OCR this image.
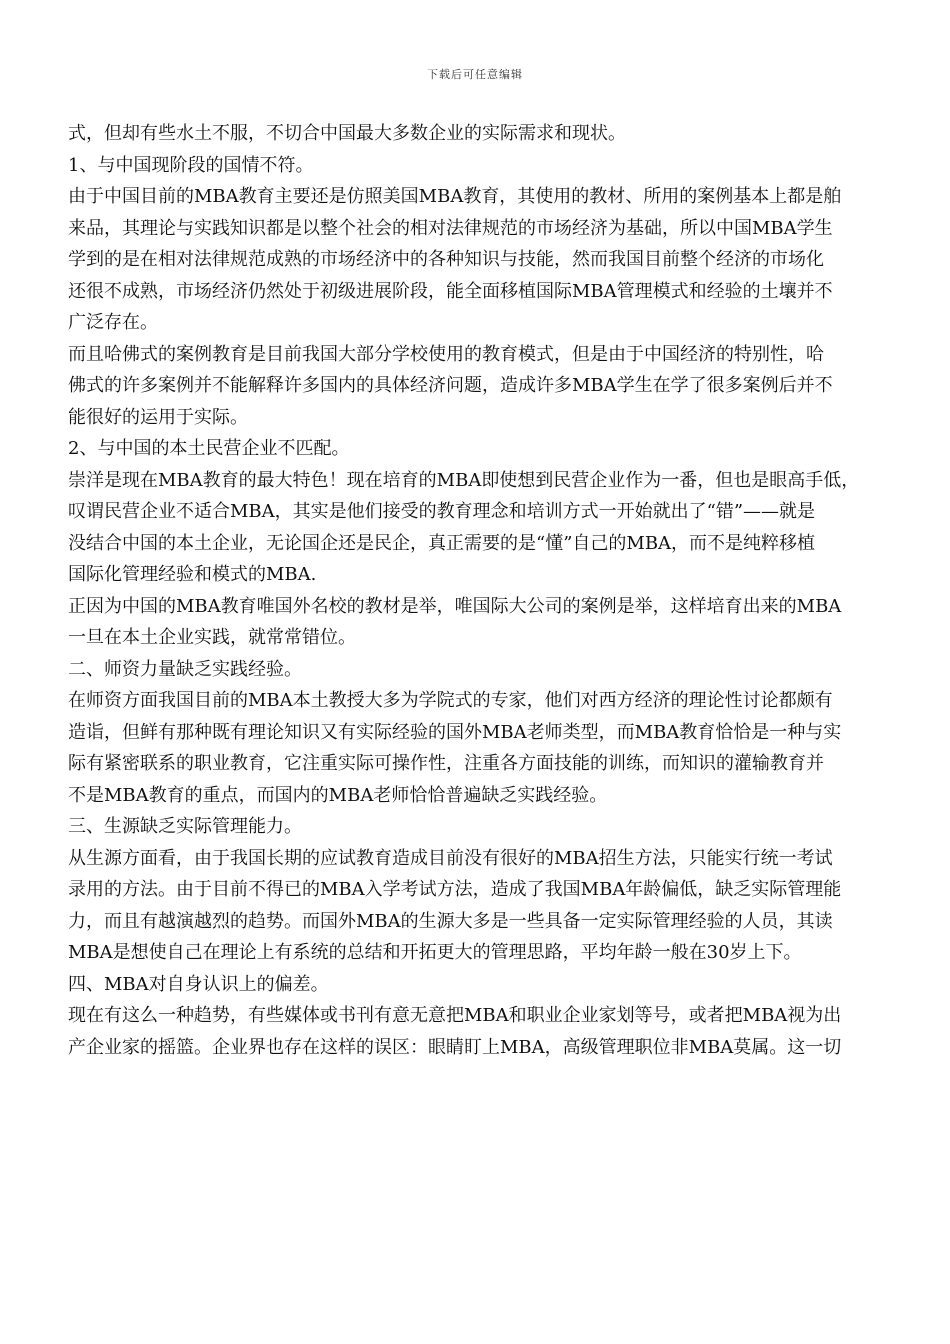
下载后可任意编辑
式，但却有些水土不服，不切合中国最大多数企业的实际需求和现状。
1、与中国现阶段的国情不符。
由于中国目前的MBA教育主要还是仿照美国MBA教育，其使用的教材、所用的案例基本上都是舶
来品，其理论与实践知识都是以整个社会的相对法律规范的市场经济为基础，所以中国MBA学生
学到的是在相对法律规范成熟的市场经济中的各种知识与技能，然而我国目前整个经济的市场化
还很不成熟，市场经济仍然处于初级进展阶段，能全面移植国际MBA管理模式和经验的土壤并不
广泛存在。
而且哈佛式的案例教育是目前我国大部分学校使用的教育模式，但是由于中国经济的特别性，哈
佛式的许多案例并不能解释许多国内的具体经济问题，造成许多MBA学生在学了很多案例后并不
能很好的运用于实际。
2、与中国的本土民营企业不匹配。
崇洋是现在MBA教育的最大特色！现在培育的MBA即使想到民营企业作为一番，但也是眼高手低，
叹谓民营企业不适合MBA，其实是他们接受的教育理念和培训方式一开始就出了“错”——就是
没结合中国的本土企业，无论国企还是民企，真正需要的是“懂”自己的MBA，而不是纯粹移植
国际化管理经验和模式的MBA.
正因为中国的MBA教育唯国外名校的教材是举，唯国际大公司的案例是举，这样培育出来的MBA
一旦在本土企业实践，就常常错位。
二、师资力量缺乏实践经验。
在师资方面我国目前的MBA本土教授大多为学院式的专家，他们对西方经济的理论性讨论都颇有
造诣，但鲜有那种既有理论知识又有实际经验的国外MBA老师类型，而MBA教育恰恰是一种与实
际有紧密联系的职业教育，它注重实际可操作性，注重各方面技能的训练，而知识的灌输教育并
不是MBA教育的重点，而国内的MBA老师恰恰普遍缺乏实践经验。
三、生源缺乏实际管理能力。
从生源方面看，由于我国长期的应试教育造成目前没有很好的MBA招生方法，只能实行统一考试
录用的方法。由于目前不得已的MBA入学考试方法，造成了我国MBA年龄偏低，缺乏实际管理能
力，而且有越演越烈的趋势。而国外MBA的生源大多是一些具备一定实际管理经验的人员，其读
MBA是想使自己在理论上有系统的总结和开拓更大的管理思路，平均年龄一般在30岁上下。
四、MBA对自身认识上的偏差。
现在有这么一种趋势，有些媒体或书刊有意无意把MBA和职业企业家划等号，或者把MBA视为出
产企业家的摇篮。企业界也存在这样的误区：眼睛盯上MBA，高级管理职位非MBA莫属。这一切
